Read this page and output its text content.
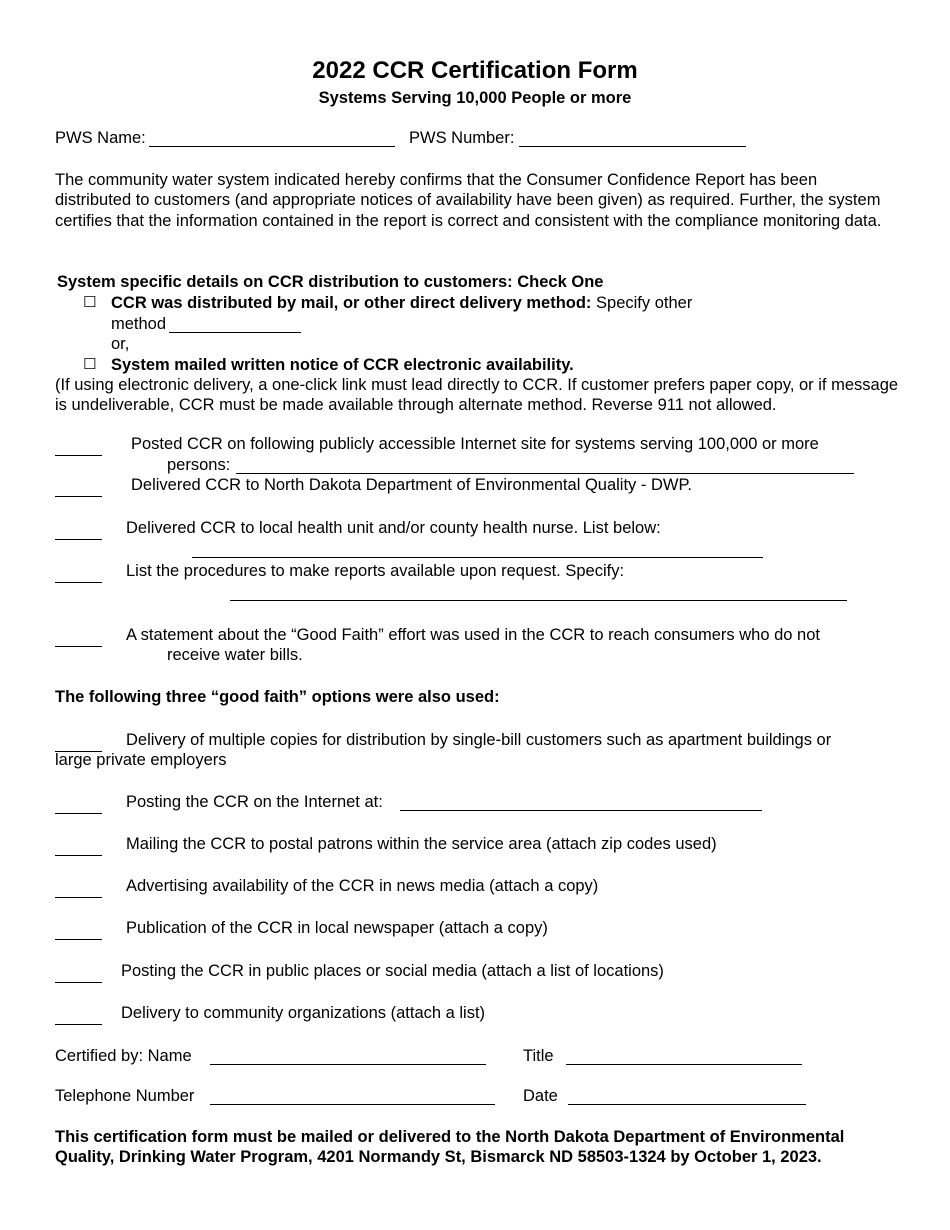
2022 CCR Certification Form
Systems Serving 10,000 People or more
PWS Name:	PWS Number:
The community water system indicated hereby confirms that the Consumer Confidence Report has been distributed to customers (and appropriate notices of availability have been given) as required. Further, the system certifies that the information contained in the report is correct and consistent with the compliance monitoring data.
System specific details on CCR distribution to customers: Check One
☐ CCR was distributed by mail, or other direct delivery method: Specify other
method
or,
☐ System mailed written notice of CCR electronic availability.
(If using electronic delivery, a one-click link must lead directly to CCR. If customer prefers paper copy, or if message is undeliverable, CCR must be made available through alternate method. Reverse 911 not allowed.
Posted CCR on following publicly accessible Internet site for systems serving 100,000 or more
persons:
Delivered CCR to North Dakota Department of Environmental Quality - DWP.
Delivered CCR to local health unit and/or county health nurse. List below:
List the procedures to make reports available upon request. Specify:
A statement about the “Good Faith” effort was used in the CCR to reach consumers who do not
receive water bills.
The following three “good faith” options were also used:
Delivery of multiple copies for distribution by single-bill customers such as apartment buildings or
large private employers
Posting the CCR on the Internet at:
Mailing the CCR to postal patrons within the service area (attach zip codes used)
Advertising availability of the CCR in news media (attach a copy)
Publication of the CCR in local newspaper (attach a copy)
Posting the CCR in public places or social media (attach a list of locations)
Delivery to community organizations (attach a list)
Certified by: Name	Title
Telephone Number	Date
This certification form must be mailed or delivered to the North Dakota Department of Environmental Quality, Drinking Water Program, 4201 Normandy St, Bismarck ND 58503-1324 by October 1, 2023.
